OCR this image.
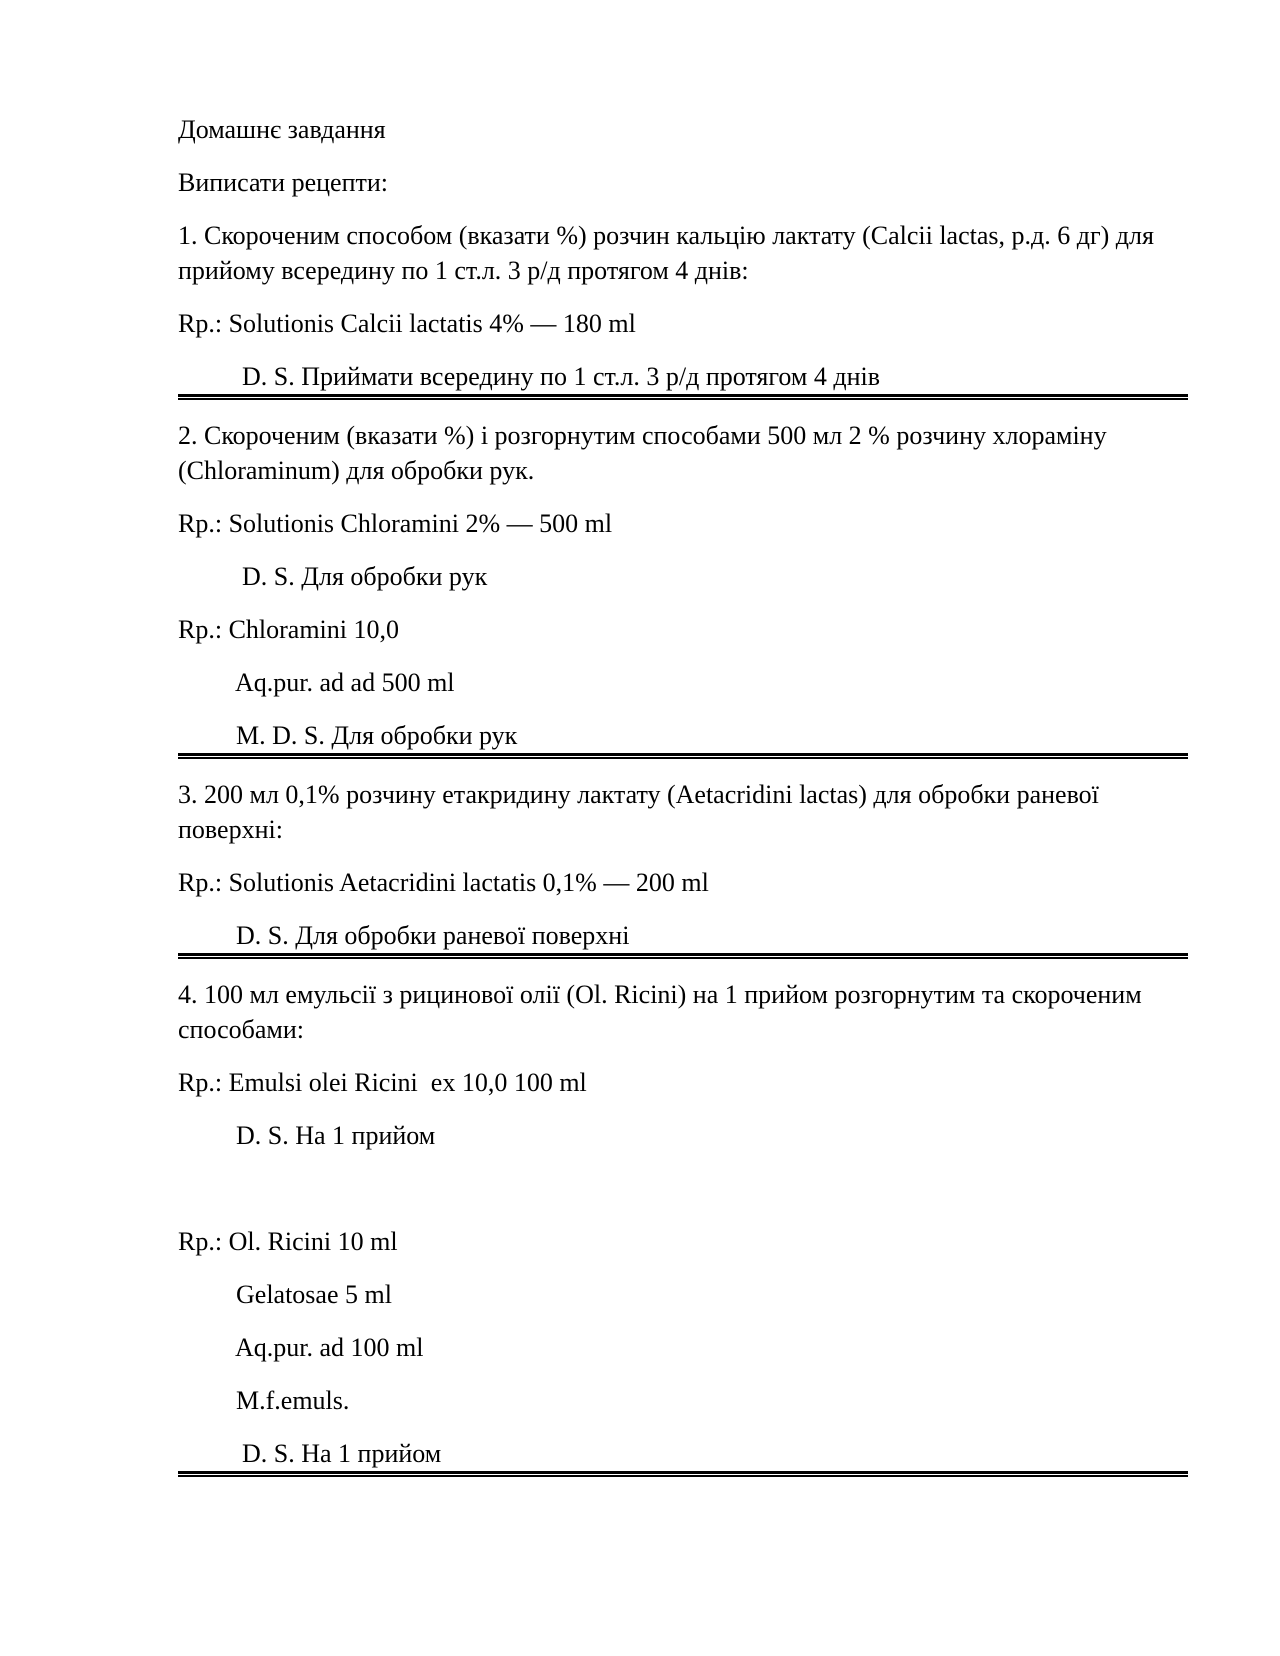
Домашнє завдання

Виписати рецепти:

1. Скороченим способом (вказати %) розчин кальцію лактату (Calcii lactas, р.д. 6 дг) для прийому всередину по 1 ст.л. 3 р/д протягом 4 днів:

Rp.: Solutionis Calcii lactatis 4% — 180 ml

D. S. Приймати всередину по 1 ст.л. 3 р/д протягом 4 днів

2. Скороченим (вказати %) і розгорнутим способами 500 мл 2 % розчину хлораміну (Chloraminum) для обробки рук.

Rp.: Solutionis Chloramini 2% — 500 ml

D. S. Для обробки рук

Rp.: Chloramini 10,0

Aq.pur. ad ad 500 ml

M. D. S. Для обробки рук

3. 200 мл 0,1% розчину етакридину лактату (Aetacridini lactas) для обробки раневої поверхні:

Rp.: Solutionis Aetacridini lactatis 0,1% — 200 ml

D. S. Для обробки раневої поверхні

4. 100 мл емульсії з рицинової олії (Ol. Ricini) на 1 прийом розгорнутим та скороченим способами:

Rp.: Emulsi olei Ricini  ex 10,0 100 ml

D. S. На 1 прийом

Rp.: Ol. Ricini 10 ml

Gelatosae 5 ml

Aq.pur. ad 100 ml

M.f.emuls.

D. S. На 1 прийом
